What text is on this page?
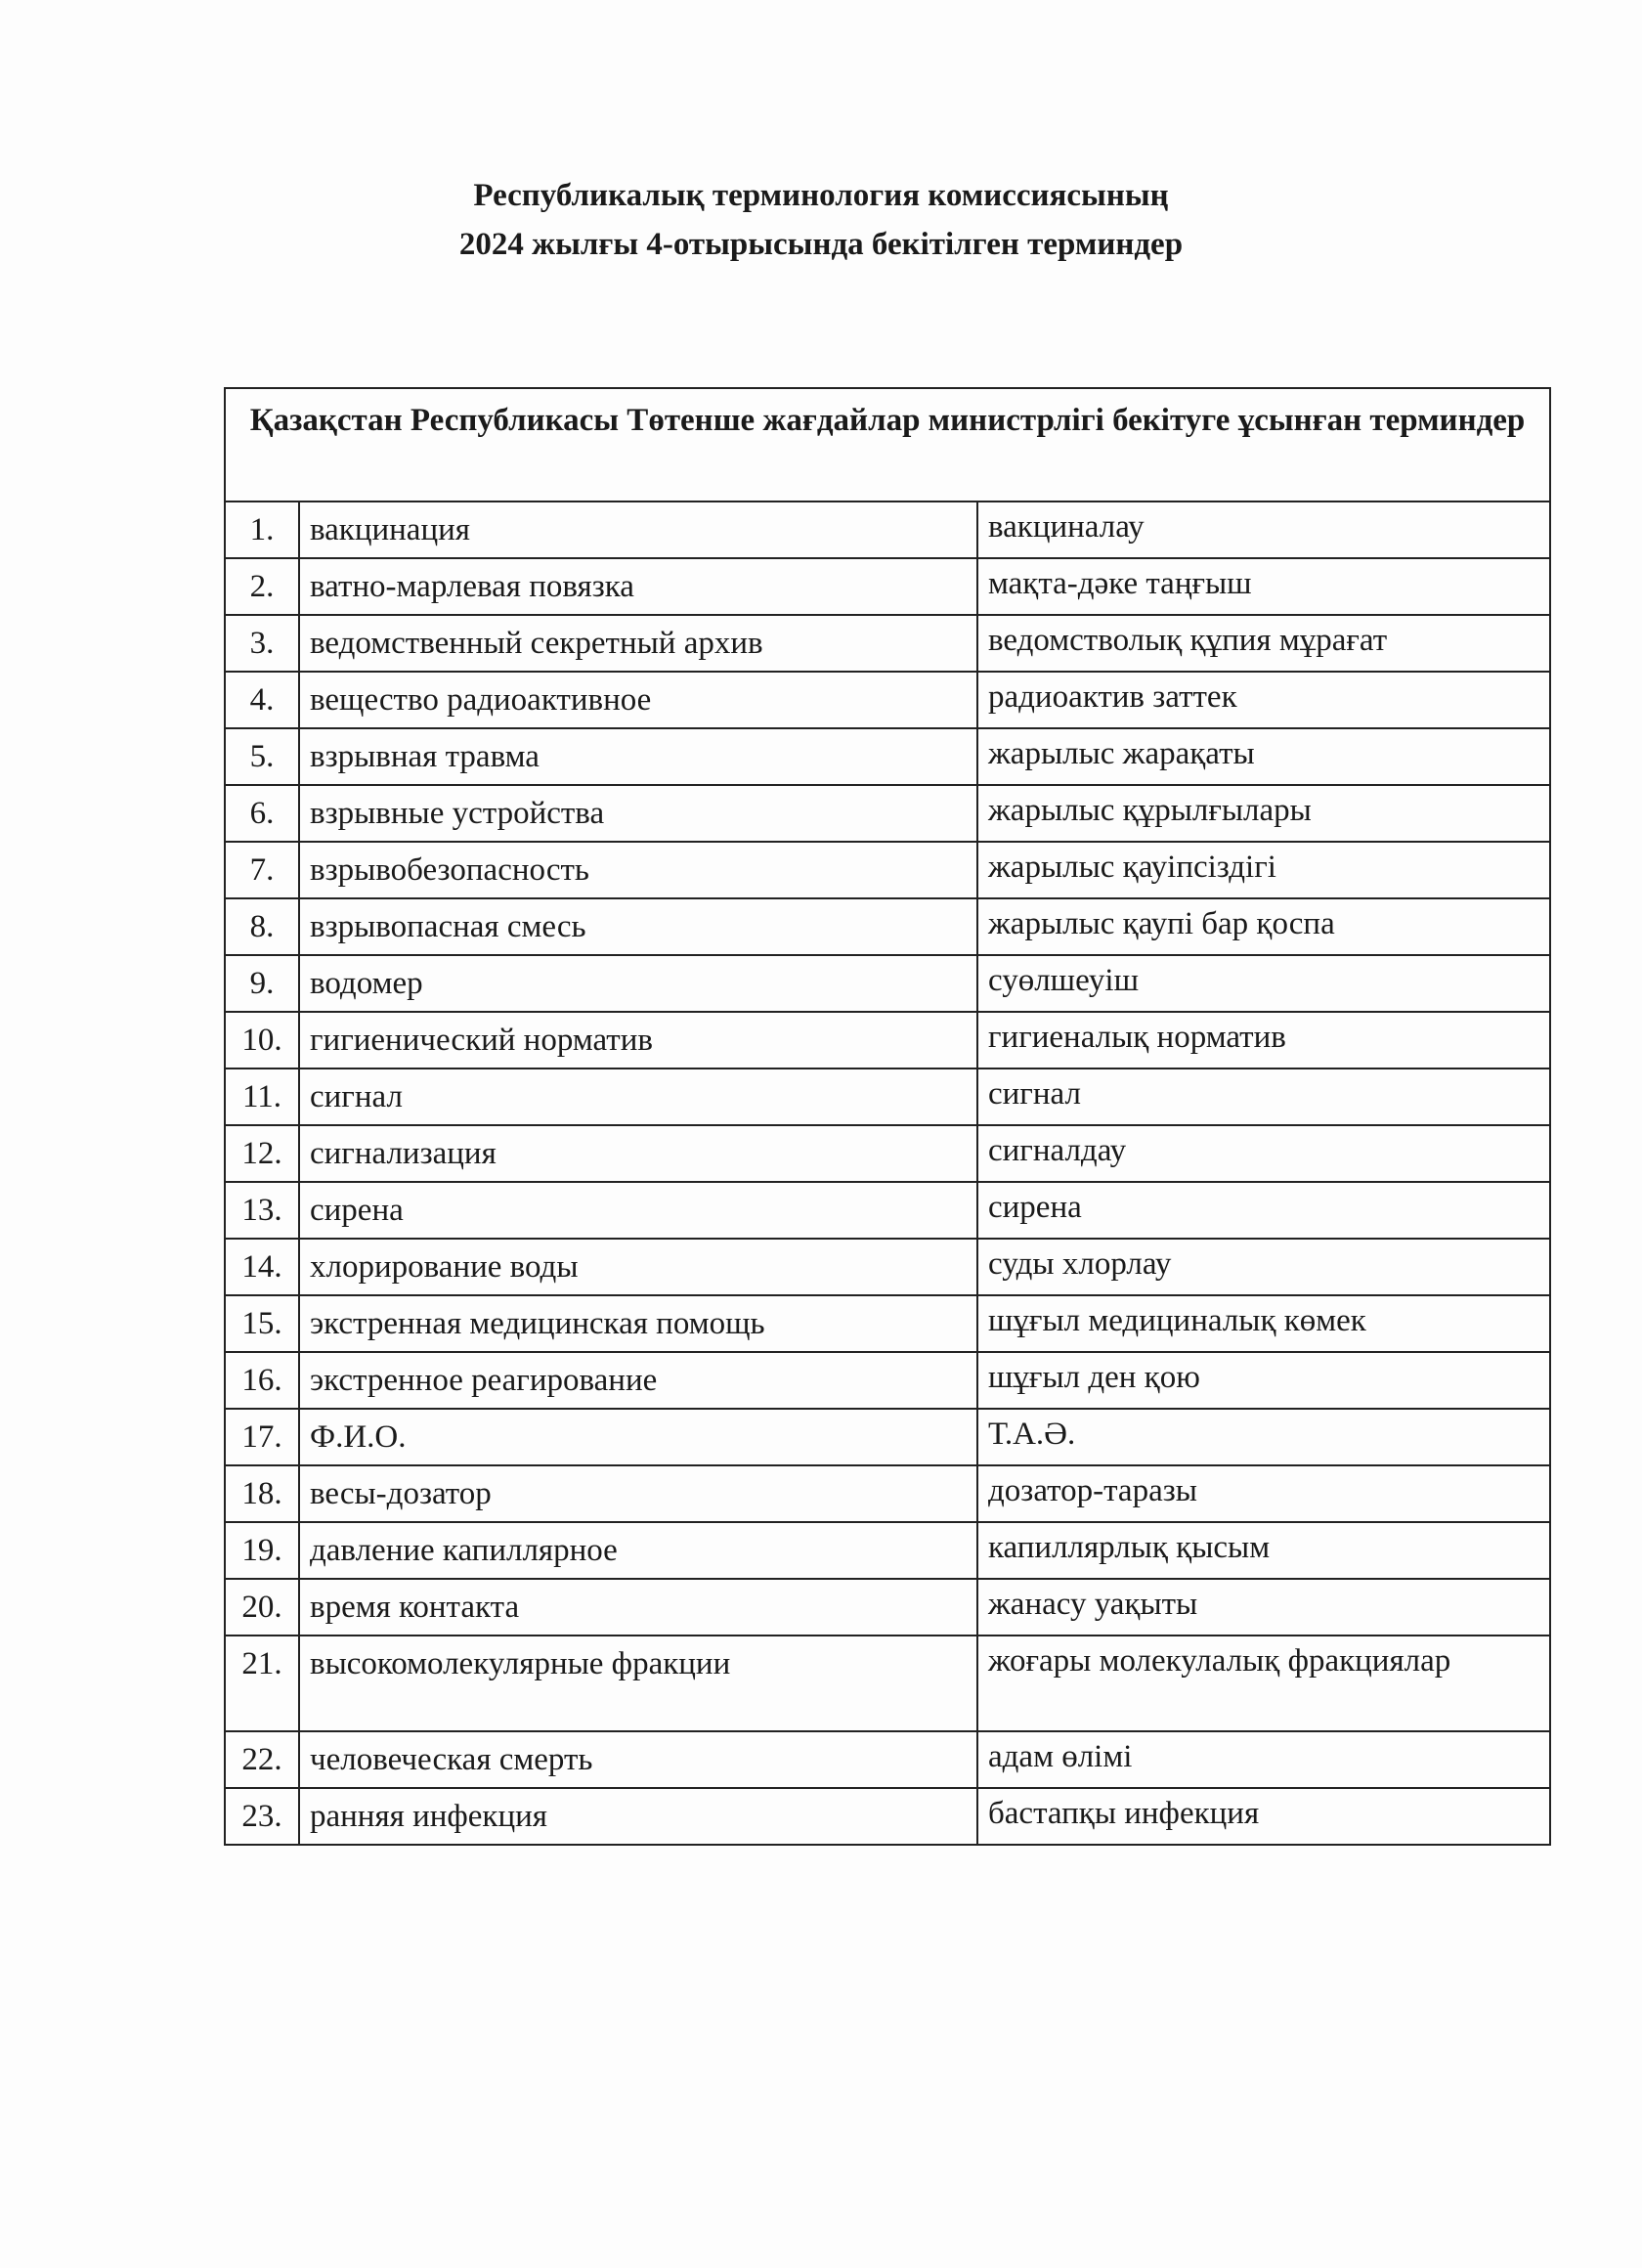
Республикалық терминология комиссиясының
2024 жылғы 4-отырысында бекітілген терминдер
Қазақстан Республикасы Төтенше жағдайлар министрлігі бекітуге ұсынған терминдер		
1.	вакцинация	вакциналау
2.	ватно-марлевая повязка	мақта-дәке таңғыш
3.	ведомственный секретный архив	ведомстволық құпия мұрағат
4.	вещество радиоактивное	радиоактив заттек
5.	взрывная травма	жарылыс жарақаты
6.	взрывные устройства	жарылыс құрылғылары
7.	взрывобезопасность	жарылыс қауіпсіздігі
8.	взрывопасная смесь	жарылыс қаупі бар қоспа
9.	водомер	суөлшеуіш
10.	гигиенический норматив	гигиеналық норматив
11.	сигнал	сигнал
12.	сигнализация	сигналдау
13.	сирена	сирена
14.	хлорирование воды	суды хлорлау
15.	экстренная медицинская помощь	шұғыл медициналық көмек
16.	экстренное реагирование	шұғыл ден қою
17.	Ф.И.О.	Т.А.Ә.
18.	весы-дозатор	дозатор-таразы
19.	давление капиллярное	капиллярлық қысым
20.	время контакта	жанасу уақыты
21.	высокомолекулярные фракции	жоғары молекулалық фракциялар
22.	человеческая смерть	адам өлімі
23.	ранняя инфекция	бастапқы инфекция
